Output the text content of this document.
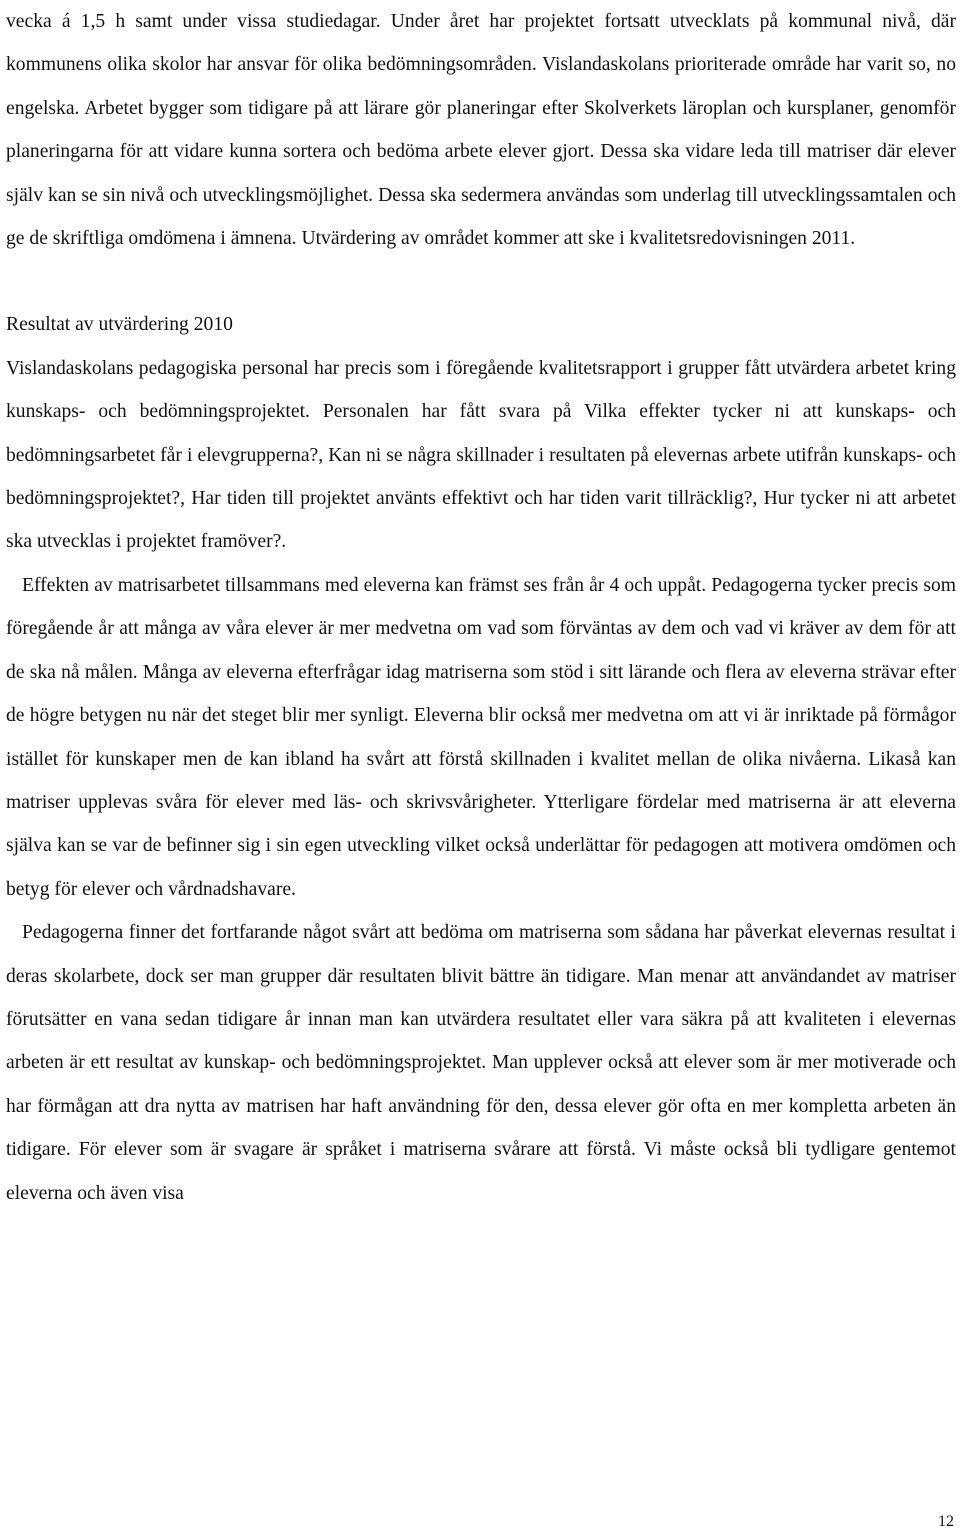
vecka á 1,5 h samt under vissa studiedagar. Under året har projektet fortsatt utvecklats på kommunal nivå, där kommunens olika skolor har ansvar för olika bedömningsområden. Vislandaskolans prioriterade område har varit so, no engelska. Arbetet bygger som tidigare på att lärare gör planeringar efter Skolverkets läroplan och kursplaner, genomför planeringarna för att vidare kunna sortera och bedöma arbete elever gjort. Dessa ska vidare leda till matriser där elever själv kan se sin nivå och utvecklingsmöjlighet. Dessa ska sedermera användas som underlag till utvecklingssamtalen och ge de skriftliga omdömena i ämnena. Utvärdering av området kommer att ske i kvalitetsredovisningen 2011.

Resultat av utvärdering 2010

Vislandaskolans pedagogiska personal har precis som i föregående kvalitetsrapport i grupper fått utvärdera arbetet kring kunskaps- och bedömningsprojektet. Personalen har fått svara på Vilka effekter tycker ni att kunskaps- och bedömningsarbetet får i elevgrupperna?, Kan ni se några skillnader i resultaten på elevernas arbete utifrån kunskaps- och bedömningsprojektet?, Har tiden till projektet använts effektivt och har tiden varit tillräcklig?, Hur tycker ni att arbetet ska utvecklas i projektet framöver?.

Effekten av matrisarbetet tillsammans med eleverna kan främst ses från år 4 och uppåt. Pedagogerna tycker precis som föregående år att många av våra elever är mer medvetna om vad som förväntas av dem och vad vi kräver av dem för att de ska nå målen. Många av eleverna efterfrågar idag matriserna som stöd i sitt lärande och flera av eleverna strävar efter de högre betygen nu när det steget blir mer synligt. Eleverna blir också mer medvetna om att vi är inriktade på förmågor istället för kunskaper men de kan ibland ha svårt att förstå skillnaden i kvalitet mellan de olika nivåerna. Likaså kan matriser upplevas svåra för elever med läs- och skrivsvårigheter. Ytterligare fördelar med matriserna är att eleverna själva kan se var de befinner sig i sin egen utveckling vilket också underlättar för pedagogen att motivera omdömen och betyg för elever och vårdnadshavare.

Pedagogerna finner det fortfarande något svårt att bedöma om matriserna som sådana har påverkat elevernas resultat i deras skolarbete, dock ser man grupper där resultaten blivit bättre än tidigare. Man menar att användandet av matriser förutsätter en vana sedan tidigare år innan man kan utvärdera resultatet eller vara säkra på att kvaliteten i elevernas arbeten är ett resultat av kunskap- och bedömningsprojektet. Man upplever också att elever som är mer motiverade och har förmågan att dra nytta av matrisen har haft användning för den, dessa elever gör ofta en mer kompletta arbeten än tidigare. För elever som är svagare är språket i matriserna svårare att förstå. Vi måste också bli tydligare gentemot eleverna och även visa

12
